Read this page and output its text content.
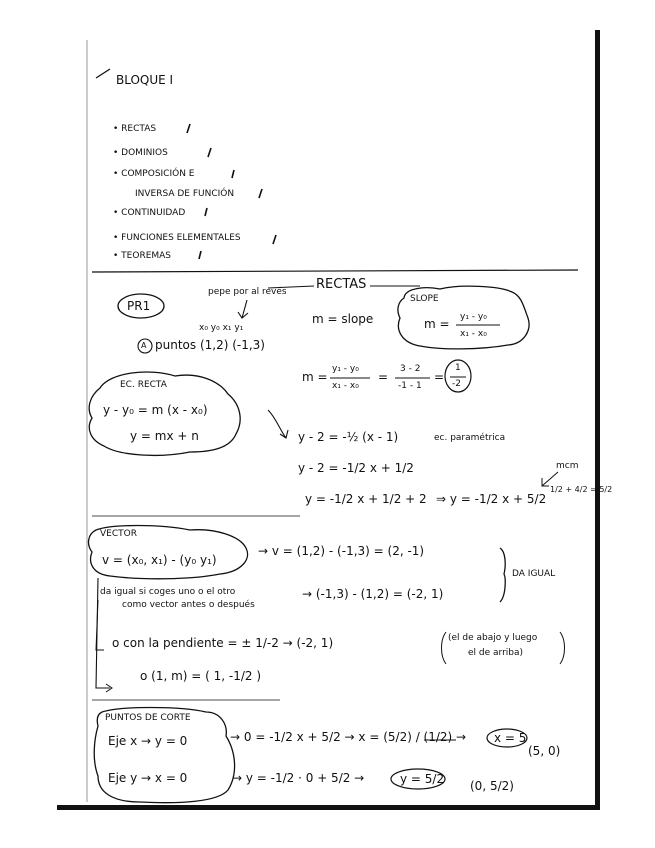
BLOQUE I
• RECTAS
• DOMINIOS
• COMPOSICIÓN E
INVERSA DE FUNCIÓN
• CONTINUIDAD
• FUNCIONES ELEMENTALES
• TEOREMAS
RECTAS
PR1
pepe por al revés
x₀ y₀ x₁ y₁
A puntos (1,2) (-1,3)
m = slope
SLOPE
m = y₁ - y₀
x₁ - x₀
m =
y₁ - y₀
x₁ - x₀
=
3 - 2
-1 - 1
=
1
-2
EC. RECTA
y - y₀ = m (x - x₀)
y = mx + n	y - 2 = -½ (x - 1)	ec. paramétrica
y - 2 = -1/2 x + 1/2
y = -1/2 x + 1/2 + 2 ⇒ y = -1/2 x + 5/2
mcm
1/2 + 4/2 = 5/2
VECTOR
v = (x₀, x₁) - (y₀ y₁)
→ v = (1,2) - (-1,3) = (2, -1)
da igual si coges uno o el otro
como vector antes o después
→ (-1,3) - (1,2) = (-2, 1)
DA IGUAL
o con la pendiente = ± 1/-2 → (-2, 1)	(el de abajo y luego
el de arriba)
o (1, m) = ( 1, -1/2 )
PUNTOS DE CORTE
Eje x → y = 0	→ 0 = -1/2 x + 5/2 → x = (5/2) / (1/2) → x = 5
(5, 0)
Eje y → x = 0	→ y = -1/2 · 0 + 5/2 →	y = 5/2 (0, 5/2)
